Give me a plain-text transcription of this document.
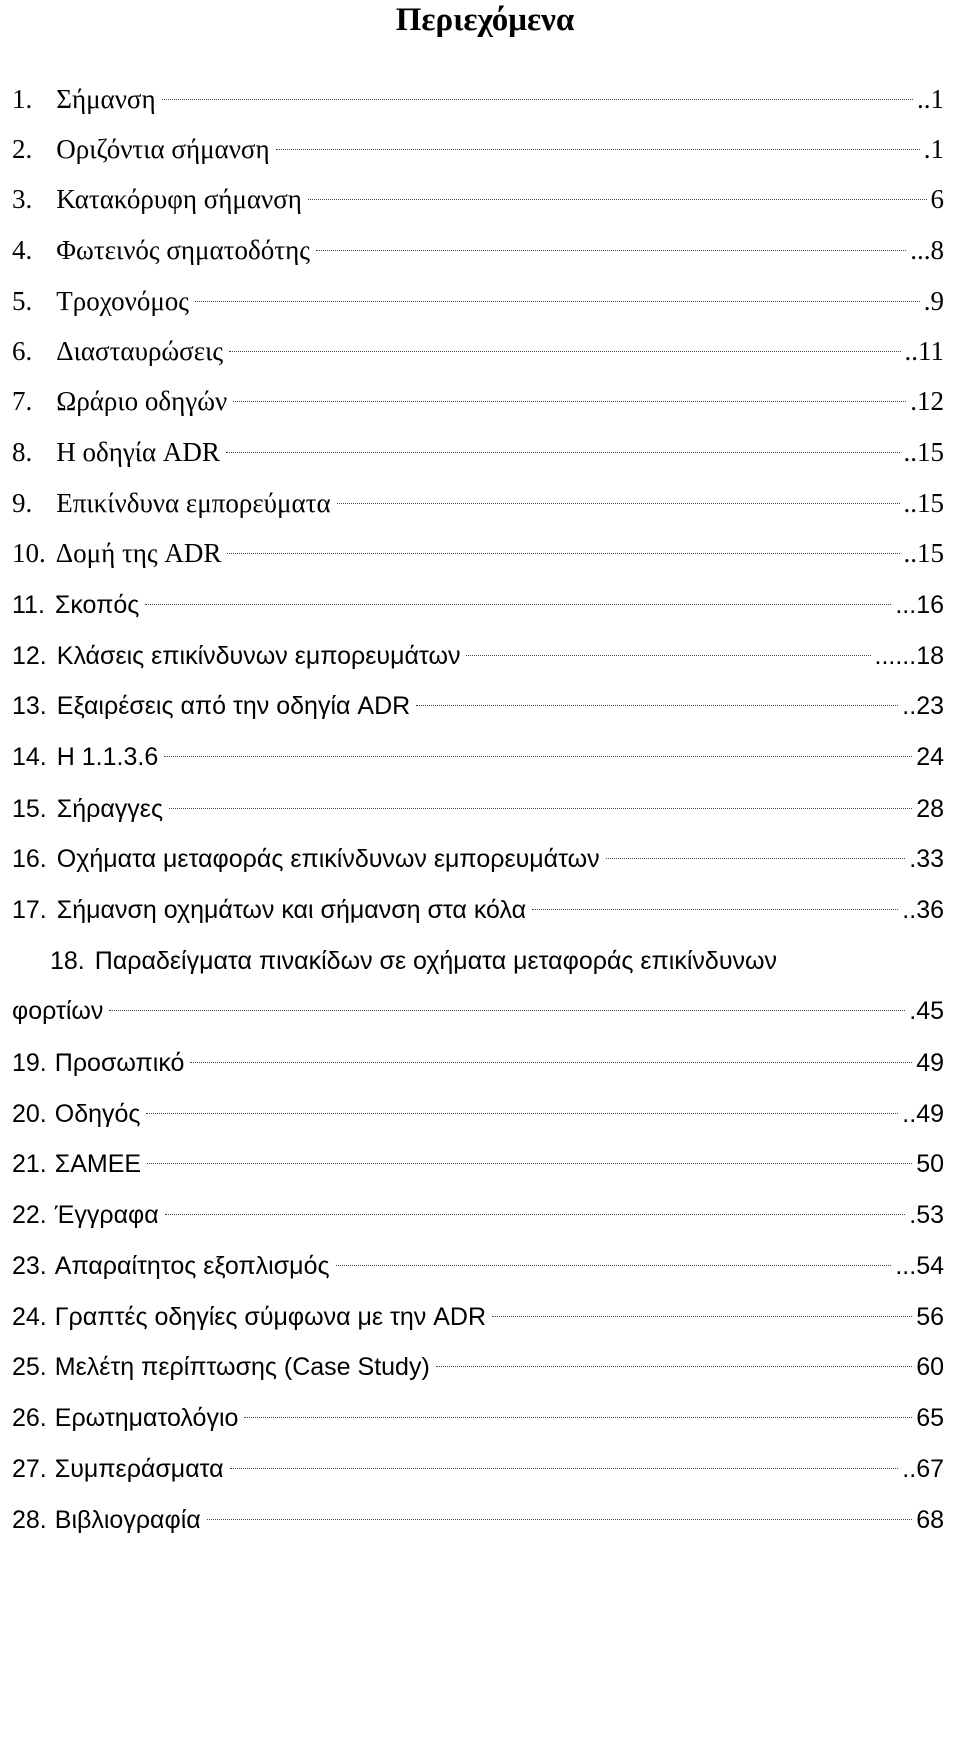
Περιεχόμενα
1. Σήμανση	.. 1
2. Οριζόντια σήμανση	. 1
3. Κατακόρυφη σήμανση	6
4. Φωτεινός σηματοδότης	... 8
5. Τροχονόμος	. 9
6. Διασταυρώσεις	.. 11
7. Ωράριο οδηγών	. 12
8. Η οδηγία ADR	.. 15
9. Επικίνδυνα εμπορεύματα	.. 15
10. Δομή της ADR	.. 15
11. Σκοπός	... 16
12. Κλάσεις επικίνδυνων εμπορευμάτων	...... 18
13. Εξαιρέσεις από την οδηγία ADR	.. 23
14. Η 1.1.3.6	24
15. Σήραγγες	28
16. Οχήματα μεταφοράς επικίνδυνων εμπορευμάτων	. 33
17. Σήμανση οχημάτων και σήμανση στα κόλα	.. 36
18. Παραδείγματα πινακίδων σε οχήματα μεταφοράς επικίνδυνων
φορτίων	. 45
19. Προσωπικό	49
20. Οδηγός	.. 49
21. ΣΑΜΕΕ	50
22. Έγγραφα	. 53
23. Απαραίτητος εξοπλισμός	... 54
24. Γραπτές οδηγίες σύμφωνα με την ADR	56
25. Μελέτη περίπτωσης (Case Study)	60
26. Ερωτηματολόγιο	65
27. Συμπεράσματα	.. 67
28. Βιβλιογραφία	68
